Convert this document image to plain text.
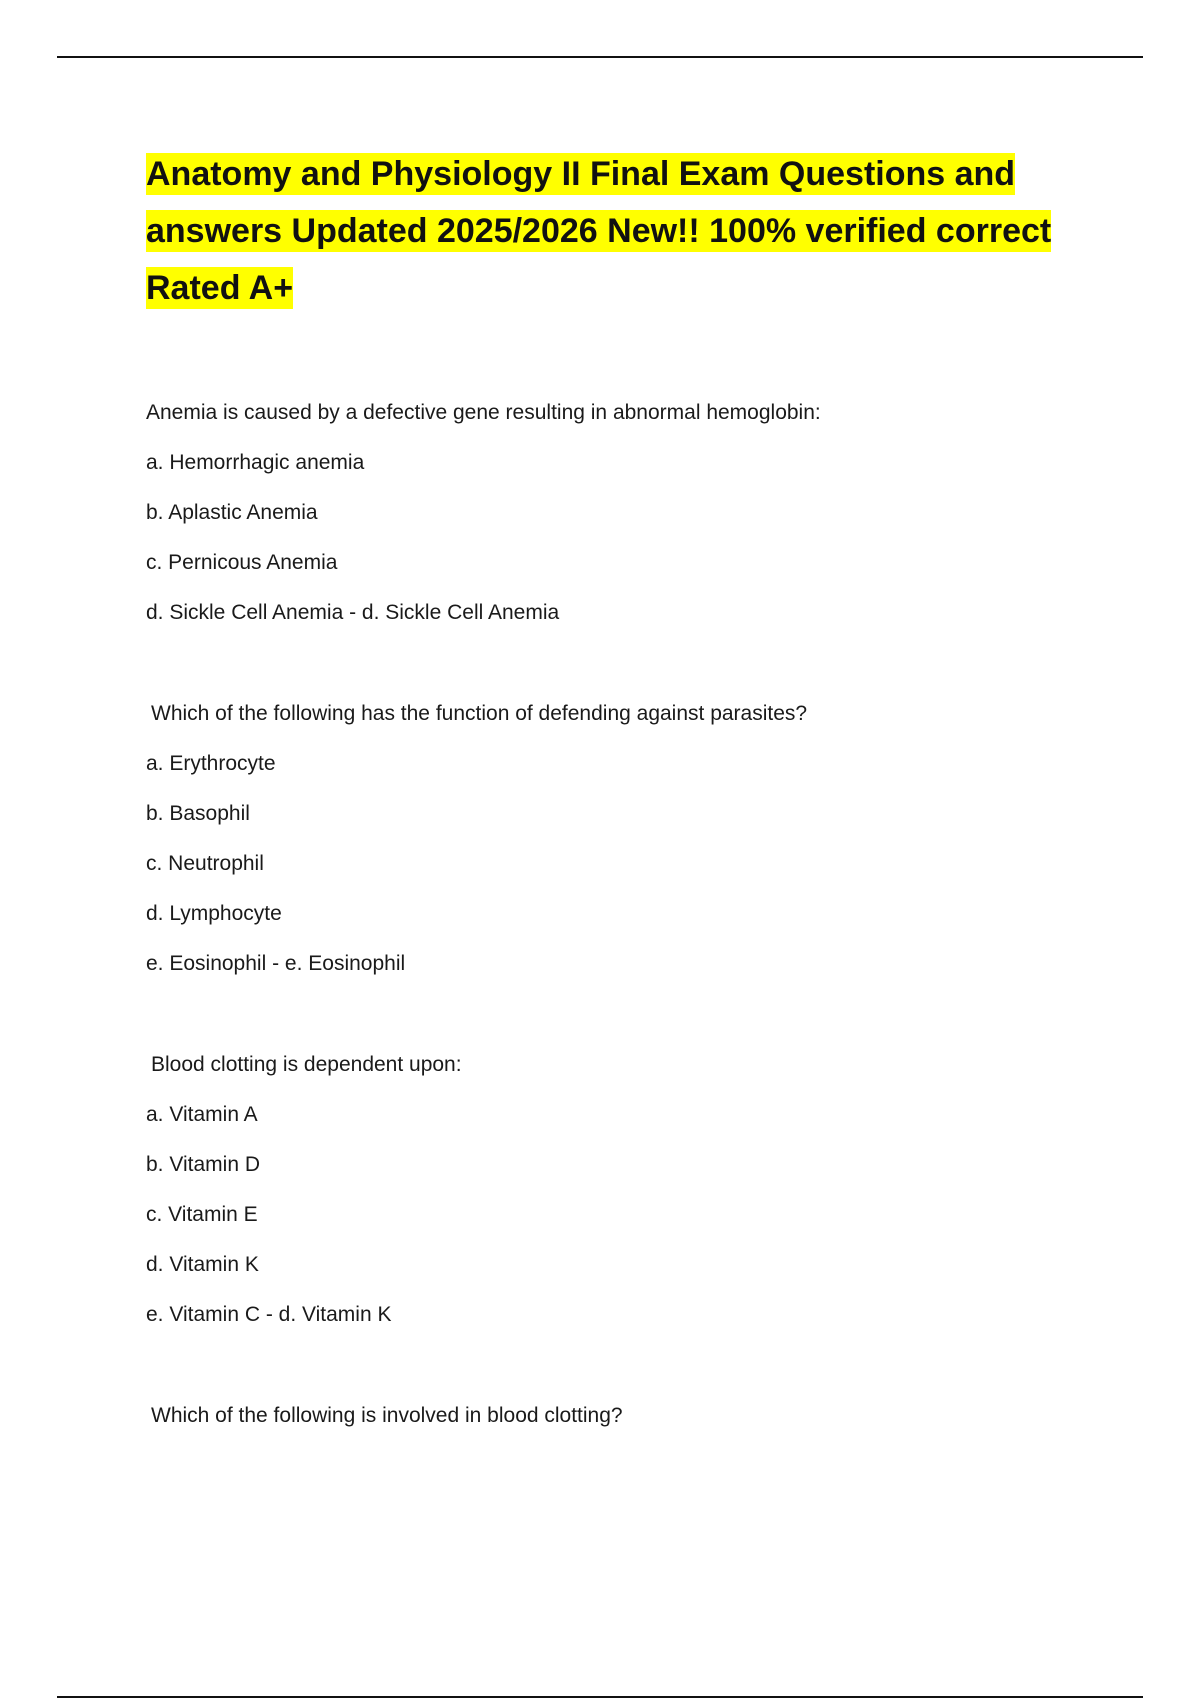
Anatomy and Physiology II Final Exam Questions and answers Updated 2025/2026 New!! 100% verified correct Rated A+

Anemia is caused by a defective gene resulting in abnormal hemoglobin:

a. Hemorrhagic anemia

b. Aplastic Anemia

c. Pernicous Anemia

d. Sickle Cell Anemia - d. Sickle Cell Anemia

Which of the following has the function of defending against parasites?

a. Erythrocyte

b. Basophil

c. Neutrophil

d. Lymphocyte

e. Eosinophil - e. Eosinophil

Blood clotting is dependent upon:

a. Vitamin A

b. Vitamin D

c. Vitamin E

d. Vitamin K

e. Vitamin C - d. Vitamin K

Which of the following is involved in blood clotting?
